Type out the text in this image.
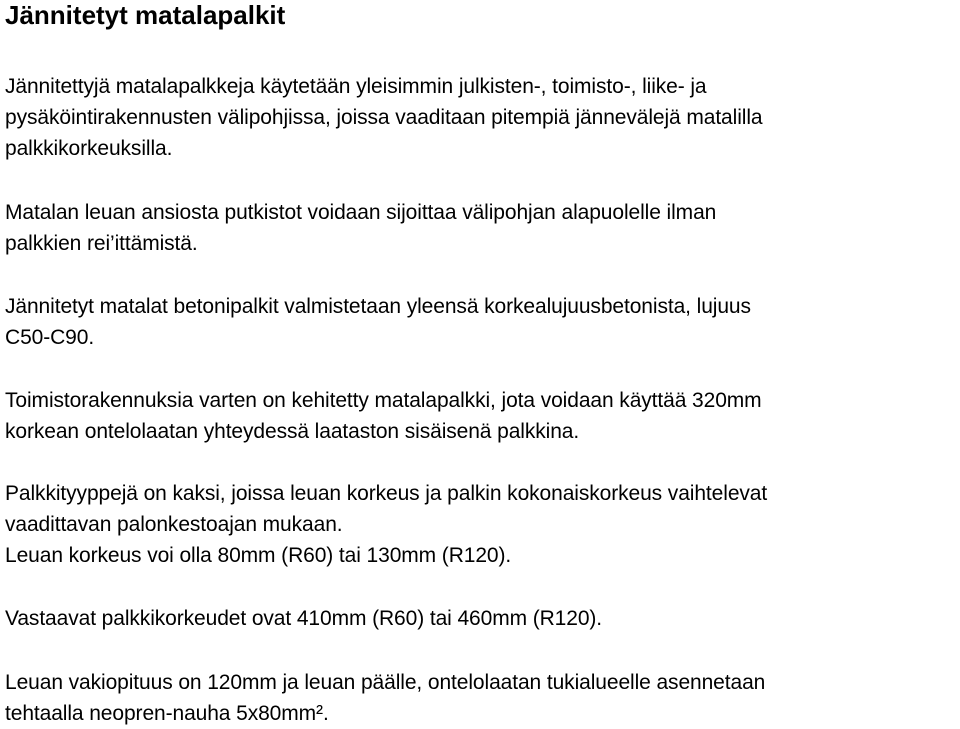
Jännitetyt matalapalkit

Jännitettyjä matalapalkkeja käytetään yleisimmin julkisten-, toimisto-, liike- ja
pysäköintirakennusten välipohjissa, joissa vaaditaan pitempiä jännevälejä matalilla
palkkikorkeuksilla.

Matalan leuan ansiosta putkistot voidaan sijoittaa välipohjan alapuolelle ilman
palkkien rei’ittämistä.

Jännitetyt matalat betonipalkit valmistetaan yleensä korkealujuusbetonista, lujuus
C50-C90.

Toimistorakennuksia varten on kehitetty matalapalkki, jota voidaan käyttää 320mm
korkean ontelolaatan yhteydessä laataston sisäisenä palkkina.

Palkkityyppejä on kaksi, joissa leuan korkeus ja palkin kokonaiskorkeus vaihtelevat
vaadittavan palonkestoajan mukaan.
Leuan korkeus voi olla 80mm (R60) tai 130mm (R120).

Vastaavat palkkikorkeudet ovat 410mm (R60) tai 460mm (R120).

Leuan vakiopituus on 120mm ja leuan päälle, ontelolaatan tukialueelle asennetaan
tehtaalla neopren-nauha 5x80mm².
